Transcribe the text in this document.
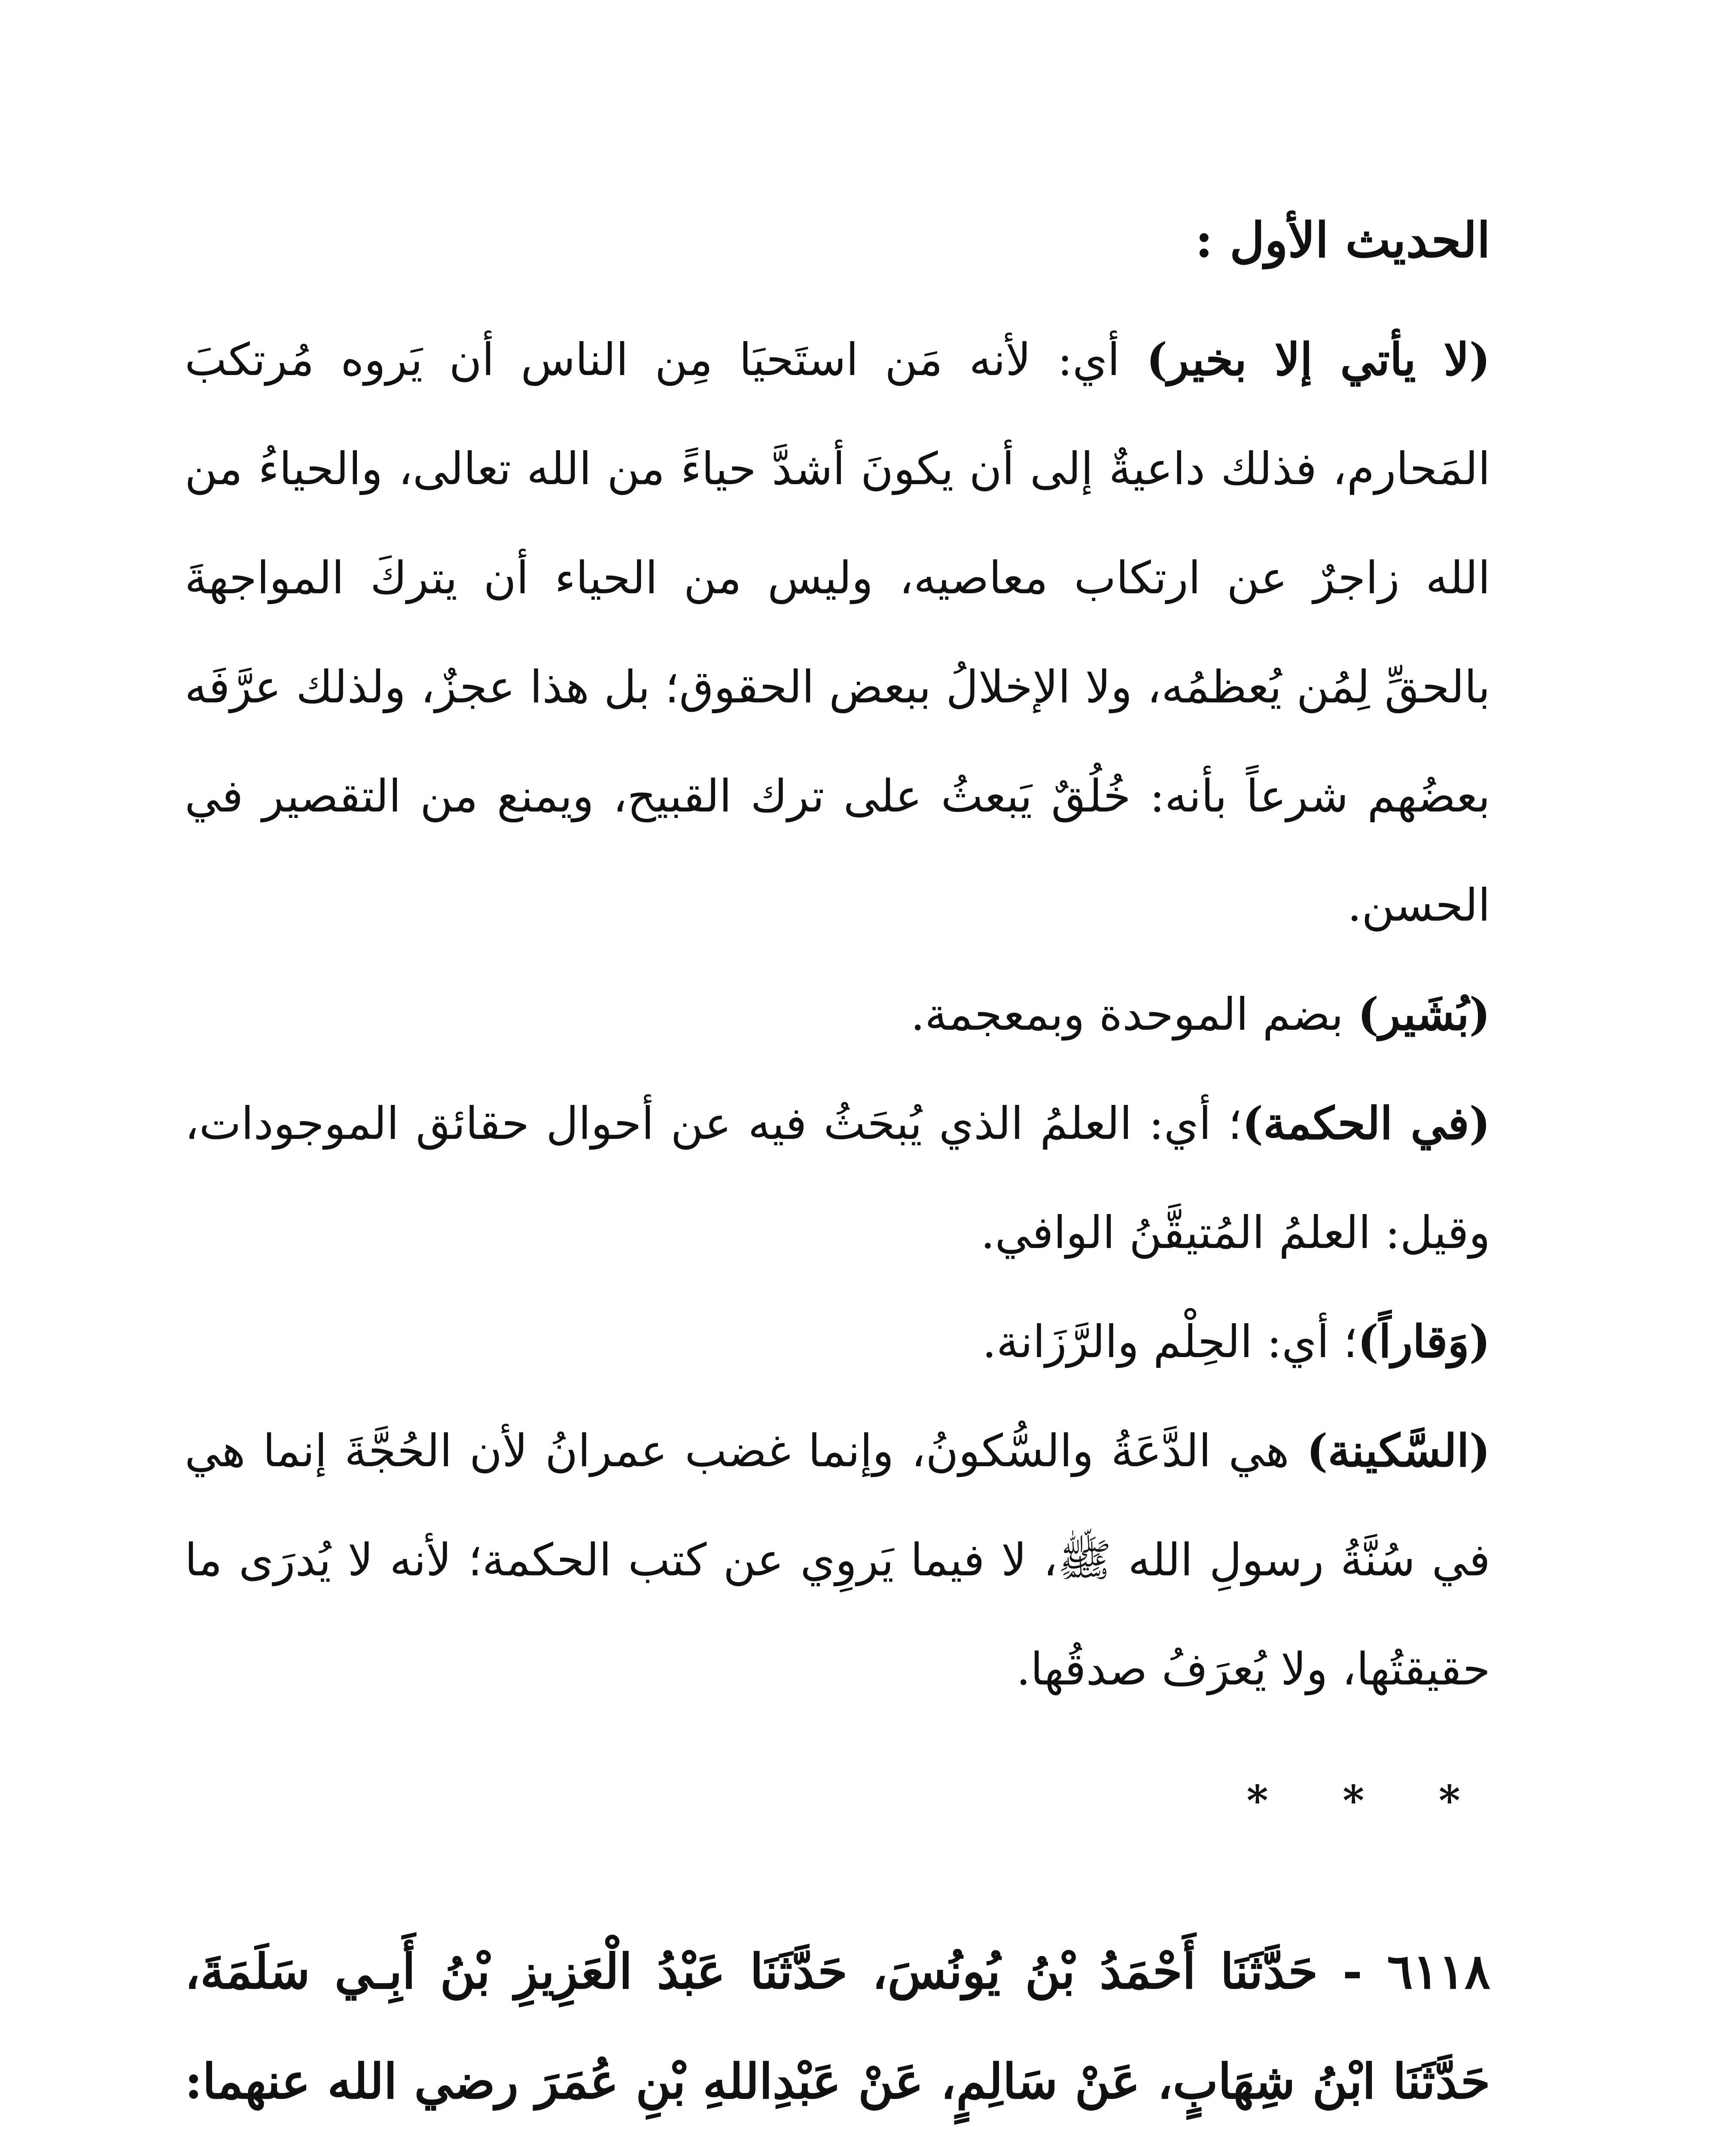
الحديث الأول :

(لا يأتي إلا بخير) أي: لأنه مَن استَحيَا مِن الناس أن يَروه مُرتكبَ المَحارم، فذلك داعيةٌ إلى أن يكونَ أشدَّ حياءً من الله تعالى، والحياءُ من الله زاجرٌ عن ارتكاب معاصيه، وليس من الحياء أن يتركَ المواجهةَ بالحقِّ لِمُن يُعظمُه، ولا الإخلالُ ببعض الحقوق؛ بل هذا عجزٌ، ولذلك عرَّفَه بعضُهم شرعاً بأنه: خُلُقٌ يَبعثُ على ترك القبيح، ويمنع من التقصير في الحسن.

(بُشَير) بضم الموحدة وبمعجمة.

(في الحكمة)؛ أي: العلمُ الذي يُبحَثُ فيه عن أحوال حقائق الموجودات، وقيل: العلمُ المُتيقَّنُ الوافي.

(وَقاراً)؛ أي: الحِلْم والرَّزَانة.

(السَّكينة) هي الدَّعَةُ والسُّكونُ، وإنما غضب عمرانُ لأن الحُجَّةَ إنما هي في سُنَّةُ رسولِ الله ﷺ، لا فيما يَروِي عن كتب الحكمة؛ لأنه لا يُدرَى ما حقيقتُها، ولا يُعرَفُ صدقُها.

* * *

٦١١٨ - حَدَّثَنَا أَحْمَدُ بْنُ يُونُسَ، حَدَّثَنَا عَبْدُ الْعَزِيزِ بْنُ أَبِـي سَلَمَةَ، حَدَّثَنَا ابْنُ شِهَابٍ، عَنْ سَالِمٍ، عَنْ عَبْدِاللهِ بْنِ عُمَرَ رضي الله عنهما:
